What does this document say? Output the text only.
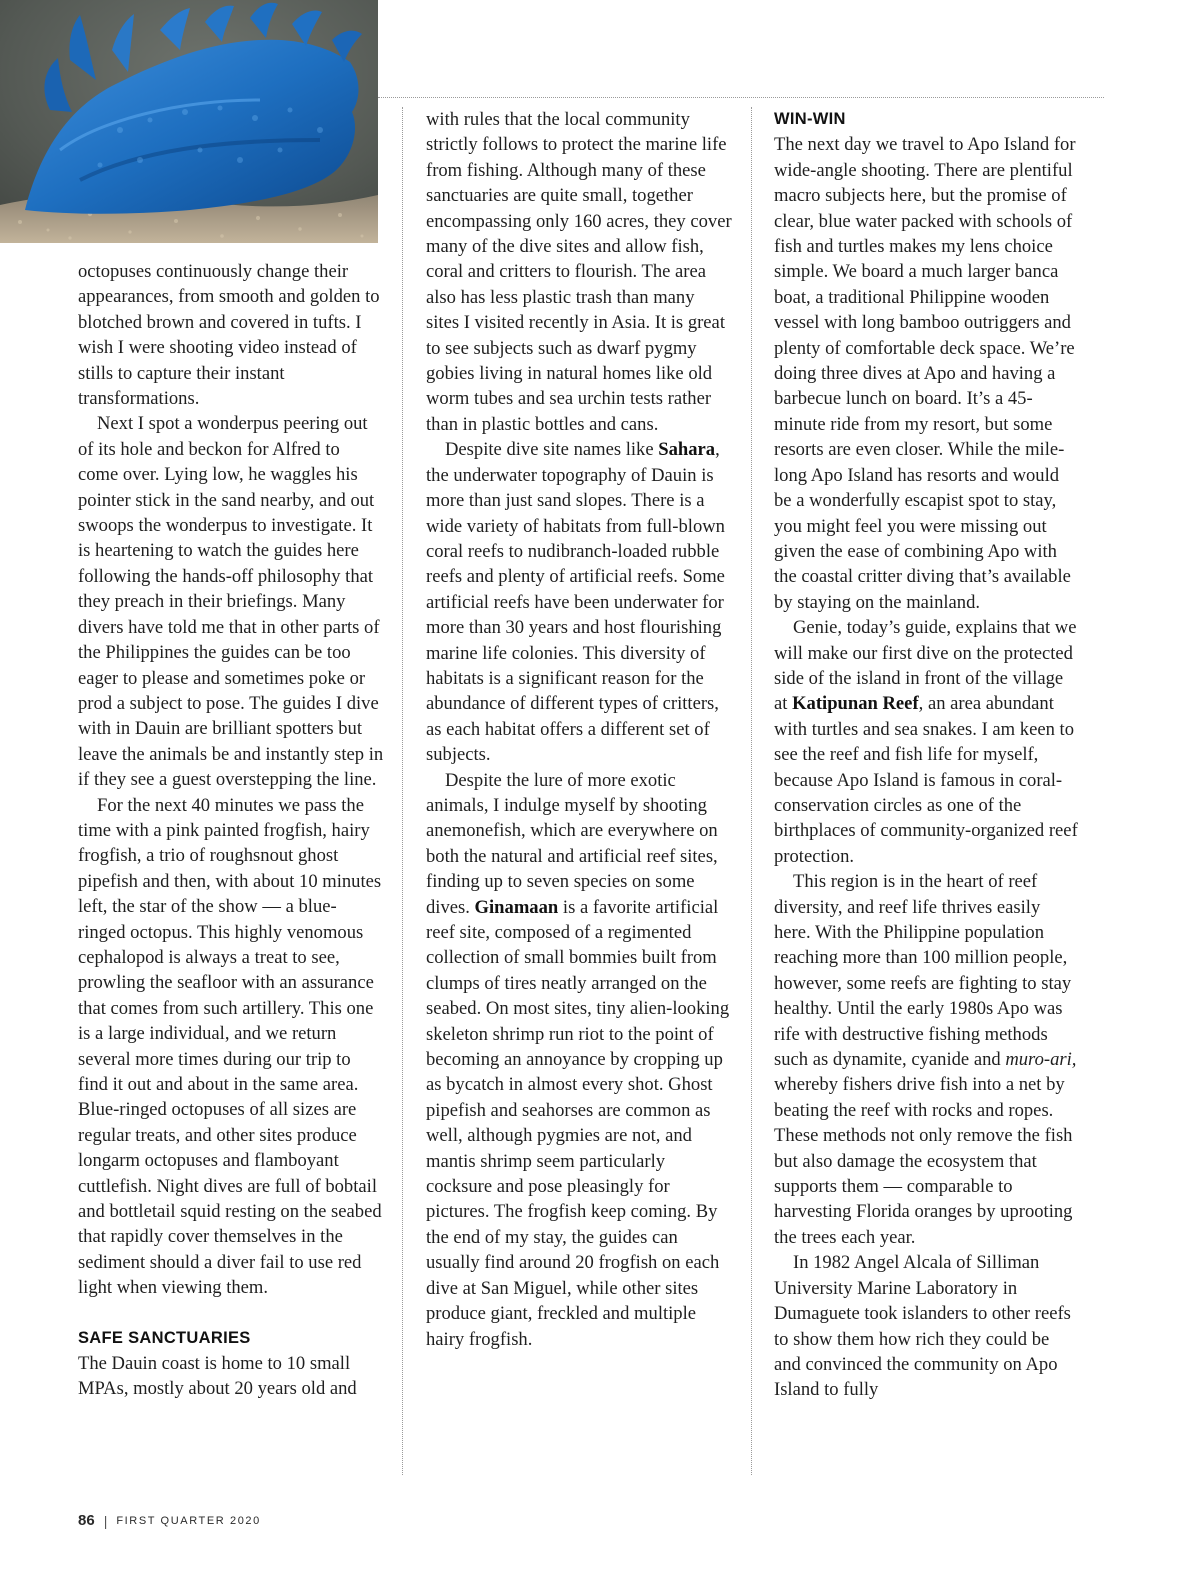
octopuses continuously change their appearances, from smooth and golden to blotched brown and covered in tufts. I wish I were shooting video instead of stills to capture their instant transformations.

Next I spot a wonderpus peering out of its hole and beckon for Alfred to come over. Lying low, he waggles his pointer stick in the sand nearby, and out swoops the wonderpus to investigate. It is heartening to watch the guides here following the hands-off philosophy that they preach in their briefings. Many divers have told me that in other parts of the Philippines the guides can be too eager to please and sometimes poke or prod a subject to pose. The guides I dive with in Dauin are brilliant spotters but leave the animals be and instantly step in if they see a guest overstepping the line.

For the next 40 minutes we pass the time with a pink painted frogfish, hairy frogfish, a trio of roughsnout ghost pipefish and then, with about 10 minutes left, the star of the show — a blue-ringed octopus. This highly venomous cephalopod is always a treat to see, prowling the seafloor with an assurance that comes from such artillery. This one is a large individual, and we return several more times during our trip to find it out and about in the same area. Blue-ringed octopuses of all sizes are regular treats, and other sites produce longarm octopuses and flamboyant cuttlefish. Night dives are full of bobtail and bottletail squid resting on the seabed that rapidly cover themselves in the sediment should a diver fail to use red light when viewing them.

SAFE SANCTUARIES

The Dauin coast is home to 10 small MPAs, mostly about 20 years old and

with rules that the local community strictly follows to protect the marine life from fishing. Although many of these sanctuaries are quite small, together encompassing only 160 acres, they cover many of the dive sites and allow fish, coral and critters to flourish. The area also has less plastic trash than many sites I visited recently in Asia. It is great to see subjects such as dwarf pygmy gobies living in natural homes like old worm tubes and sea urchin tests rather than in plastic bottles and cans.

Despite dive site names like Sahara, the underwater topography of Dauin is more than just sand slopes. There is a wide variety of habitats from full-blown coral reefs to nudibranch-loaded rubble reefs and plenty of artificial reefs. Some artificial reefs have been underwater for more than 30 years and host flourishing marine life colonies. This diversity of habitats is a significant reason for the abundance of different types of critters, as each habitat offers a different set of subjects.

Despite the lure of more exotic animals, I indulge myself by shooting anemonefish, which are everywhere on both the natural and artificial reef sites, finding up to seven species on some dives. Ginamaan is a favorite artificial reef site, composed of a regimented collection of small bommies built from clumps of tires neatly arranged on the seabed. On most sites, tiny alien-looking skeleton shrimp run riot to the point of becoming an annoyance by cropping up as bycatch in almost every shot. Ghost pipefish and seahorses are common as well, although pygmies are not, and mantis shrimp seem particularly cocksure and pose pleasingly for pictures. The frogfish keep coming. By the end of my stay, the guides can usually find around 20 frogfish on each dive at San Miguel, while other sites produce giant, freckled and multiple hairy frogfish.

WIN-WIN

The next day we travel to Apo Island for wide-angle shooting. There are plentiful macro subjects here, but the promise of clear, blue water packed with schools of fish and turtles makes my lens choice simple. We board a much larger banca boat, a traditional Philippine wooden vessel with long bamboo outriggers and plenty of comfortable deck space. We’re doing three dives at Apo and having a barbecue lunch on board. It’s a 45-minute ride from my resort, but some resorts are even closer. While the mile-long Apo Island has resorts and would be a wonderfully escapist spot to stay, you might feel you were missing out given the ease of combining Apo with the coastal critter diving that’s available by staying on the mainland.

Genie, today’s guide, explains that we will make our first dive on the protected side of the island in front of the village at Katipunan Reef, an area abundant with turtles and sea snakes. I am keen to see the reef and fish life for myself, because Apo Island is famous in coral-conservation circles as one of the birthplaces of community-organized reef protection.

This region is in the heart of reef diversity, and reef life thrives easily here. With the Philippine population reaching more than 100 million people, however, some reefs are fighting to stay healthy. Until the early 1980s Apo was rife with destructive fishing methods such as dynamite, cyanide and muro-ari, whereby fishers drive fish into a net by beating the reef with rocks and ropes. These methods not only remove the fish but also damage the ecosystem that supports them — comparable to harvesting Florida oranges by uprooting the trees each year.

In 1982 Angel Alcala of Silliman University Marine Laboratory in Dumaguete took islanders to other reefs to show them how rich they could be and convinced the community on Apo Island to fully

86 | FIRST QUARTER 2020
